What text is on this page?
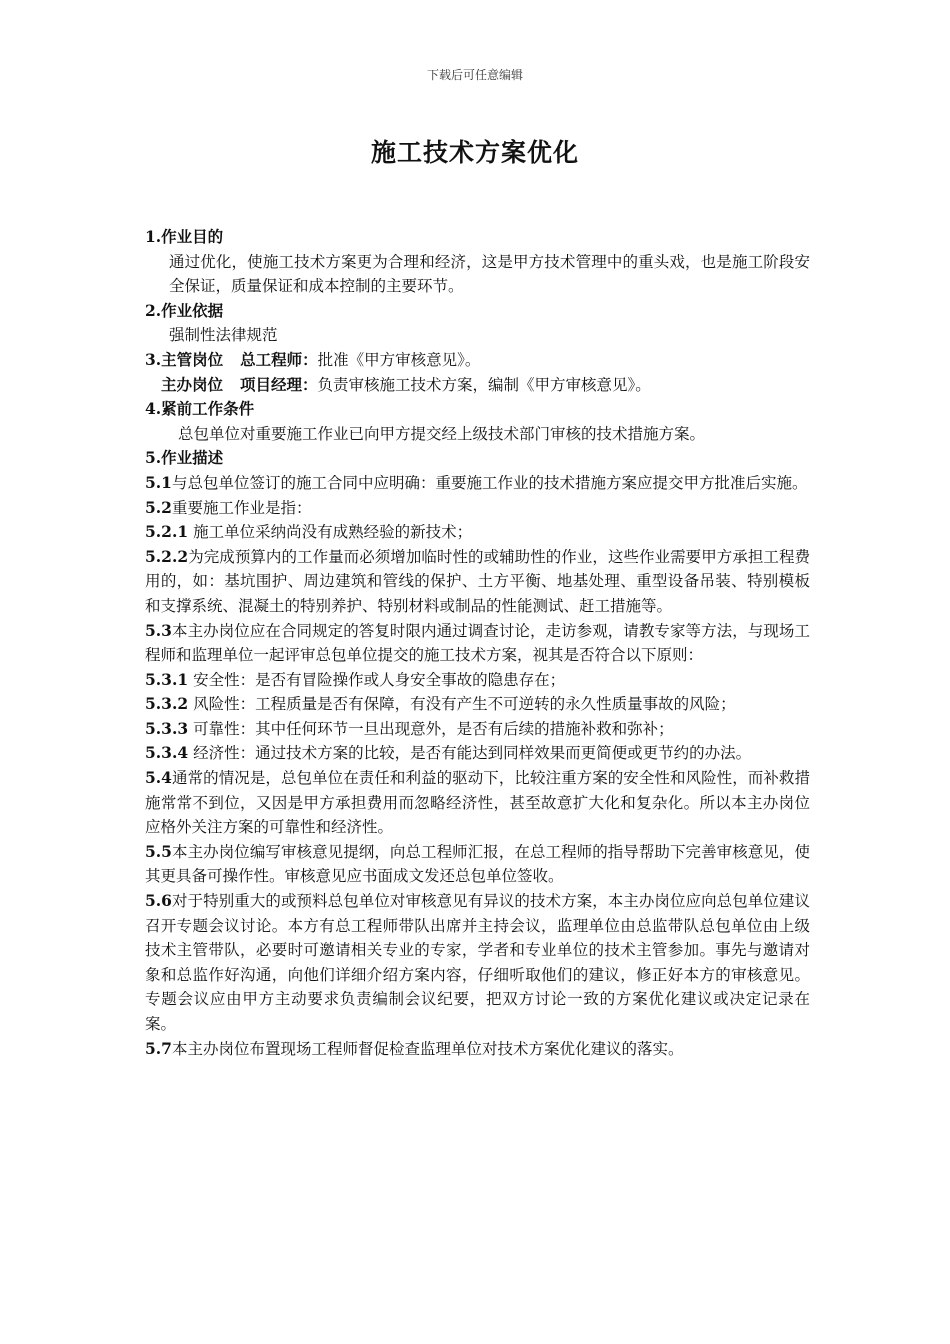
下载后可任意编辑
施工技术方案优化
1.作业目的
通过优化，使施工技术方案更为合理和经济，这是甲方技术管理中的重头戏，也是施工阶段安全保证，质量保证和成本控制的主要环节。
2.作业依据
强制性法律规范
3.主管岗位 总工程师：批准《甲方审核意见》。
主办岗位 项目经理：负责审核施工技术方案，编制《甲方审核意见》。
4.紧前工作条件
总包单位对重要施工作业已向甲方提交经上级技术部门审核的技术措施方案。
5.作业描述
5.1与总包单位签订的施工合同中应明确：重要施工作业的技术措施方案应提交甲方批准后实施。
5.2重要施工作业是指：
5.2.1 施工单位采纳尚没有成熟经验的新技术；
5.2.2为完成预算内的工作量而必须增加临时性的或辅助性的作业，这些作业需要甲方承担工程费用的，如：基坑围护、周边建筑和管线的保护、土方平衡、地基处理、重型设备吊装、特别模板和支撑系统、混凝土的特别养护、特别材料或制品的性能测试、赶工措施等。
5.3本主办岗位应在合同规定的答复时限内通过调查讨论，走访参观，请教专家等方法，与现场工程师和监理单位一起评审总包单位提交的施工技术方案，视其是否符合以下原则：
5.3.1 安全性：是否有冒险操作或人身安全事故的隐患存在；
5.3.2 风险性：工程质量是否有保障，有没有产生不可逆转的永久性质量事故的风险；
5.3.3 可靠性：其中任何环节一旦出现意外，是否有后续的措施补救和弥补；
5.3.4 经济性：通过技术方案的比较，是否有能达到同样效果而更简便或更节约的办法。
5.4通常的情况是，总包单位在责任和利益的驱动下，比较注重方案的安全性和风险性，而补救措施常常不到位，又因是甲方承担费用而忽略经济性，甚至故意扩大化和复杂化。所以本主办岗位应格外关注方案的可靠性和经济性。
5.5本主办岗位编写审核意见提纲，向总工程师汇报，在总工程师的指导帮助下完善审核意见，使其更具备可操作性。审核意见应书面成文发还总包单位签收。
5.6对于特别重大的或预料总包单位对审核意见有异议的技术方案，本主办岗位应向总包单位建议召开专题会议讨论。本方有总工程师带队出席并主持会议，监理单位由总监带队总包单位由上级技术主管带队，必要时可邀请相关专业的专家，学者和专业单位的技术主管参加。事先与邀请对象和总监作好沟通，向他们详细介绍方案内容，仔细听取他们的建议，修正好本方的审核意见。专题会议应由甲方主动要求负责编制会议纪要，把双方讨论一致的方案优化建议或决定记录在案。
5.7本主办岗位布置现场工程师督促检查监理单位对技术方案优化建议的落实。
